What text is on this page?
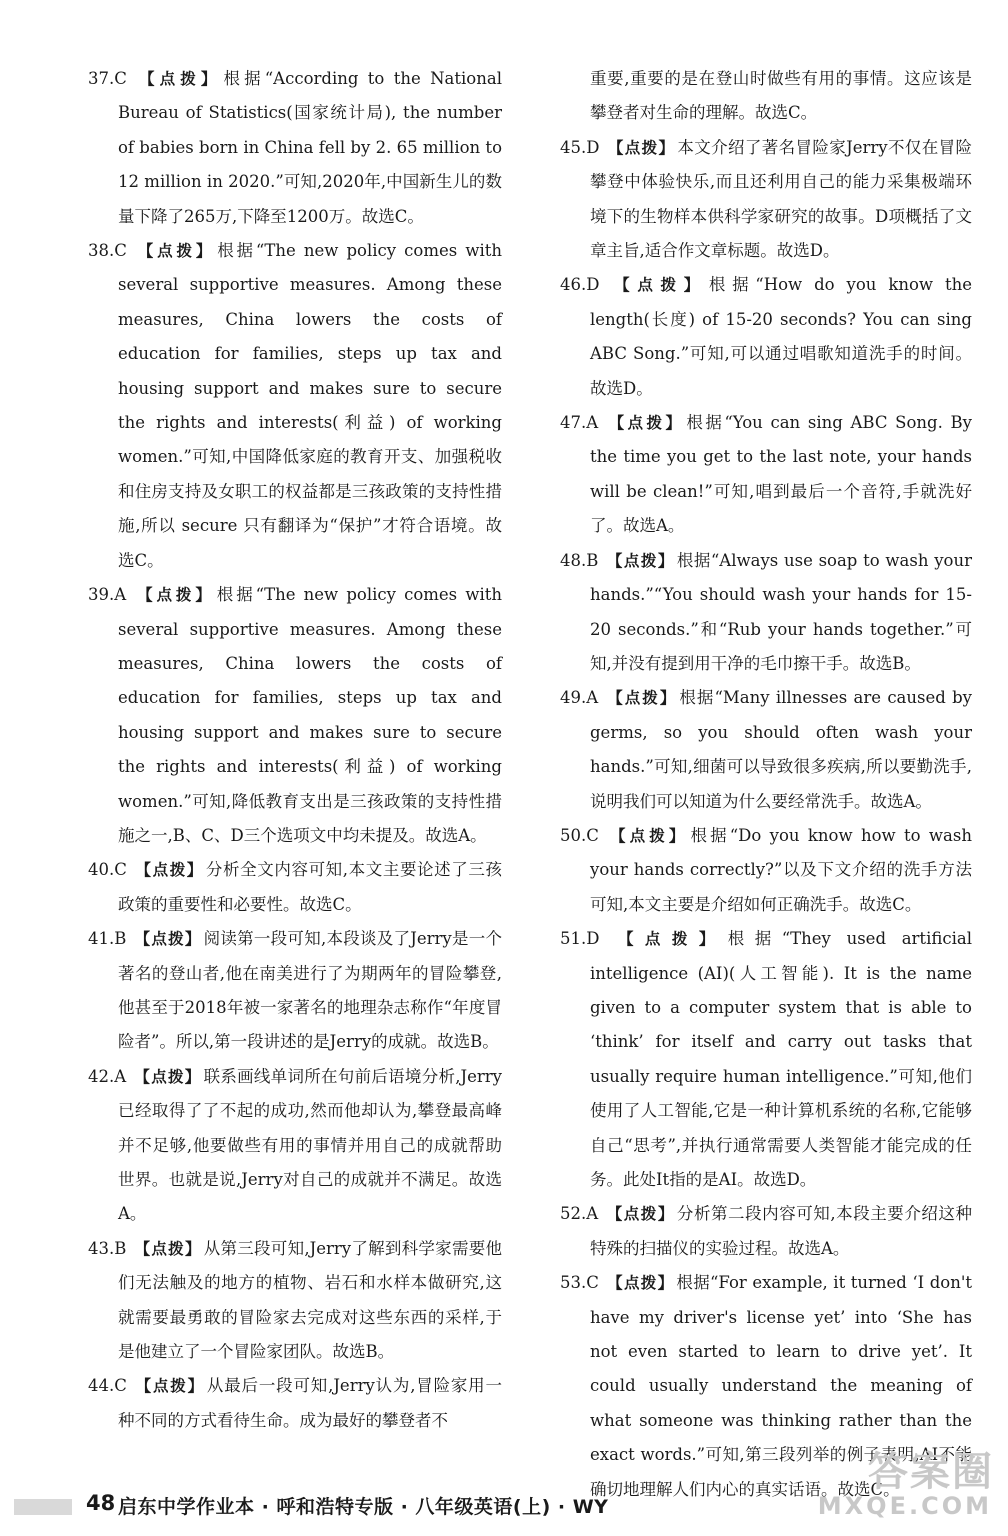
37.C 【点拨】 根据“According to the National Bureau of Statistics(国家统计局), the number of babies born in China fell by 2. 65 million to 12 million in 2020.”可知,2020年,中国新生儿的数量下降了265万,下降至1200万。故选C。

38.C 【点拨】 根据“The new policy comes with several supportive measures. Among these measures, China lowers the costs of education for families, steps up tax and housing support and makes sure to secure the rights and interests(利益) of working women.”可知,中国降低家庭的教育开支、加强税收和住房支持及女职工的权益都是三孩政策的支持性措施,所以 secure 只有翻译为“保护”才符合语境。故选C。

39.A 【点拨】 根据“The new policy comes with several supportive measures. Among these measures, China lowers the costs of education for families, steps up tax and housing support and makes sure to secure the rights and interests(利益) of working women.”可知,降低教育支出是三孩政策的支持性措施之一,B、C、D三个选项文中均未提及。故选A。

40.C 【点拨】 分析全文内容可知,本文主要论述了三孩政策的重要性和必要性。故选C。

41.B 【点拨】 阅读第一段可知,本段谈及了Jerry是一个著名的登山者,他在南美进行了为期两年的冒险攀登,他甚至于2018年被一家著名的地理杂志称作“年度冒险者”。所以,第一段讲述的是Jerry的成就。故选B。

42.A 【点拨】 联系画线单词所在句前后语境分析,Jerry已经取得了了不起的成功,然而他却认为,攀登最高峰并不足够,他要做些有用的事情并用自己的成就帮助世界。也就是说,Jerry对自己的成就并不满足。故选A。

43.B 【点拨】 从第三段可知,Jerry了解到科学家需要他们无法触及的地方的植物、岩石和水样本做研究,这就需要最勇敢的冒险家去完成对这些东西的采样,于是他建立了一个冒险家团队。故选B。

44.C 【点拨】 从最后一段可知,Jerry认为,冒险家用一种不同的方式看待生命。成为最好的攀登者不

重要,重要的是在登山时做些有用的事情。这应该是攀登者对生命的理解。故选C。

45.D 【点拨】 本文介绍了著名冒险家Jerry不仅在冒险攀登中体验快乐,而且还利用自己的能力采集极端环境下的生物样本供科学家研究的故事。D项概括了文章主旨,适合作文章标题。故选D。

46.D 【点拨】 根据“How do you know the length(长度) of 15-20 seconds? You can sing ABC Song.”可知,可以通过唱歌知道洗手的时间。故选D。

47.A 【点拨】 根据“You can sing ABC Song. By the time you get to the last note, your hands will be clean!”可知,唱到最后一个音符,手就洗好了。故选A。

48.B 【点拨】 根据“Always use soap to wash your hands.”“You should wash your hands for 15-20 seconds.”和“Rub your hands together.”可知,并没有提到用干净的毛巾擦干手。故选B。

49.A 【点拨】 根据“Many illnesses are caused by germs, so you should often wash your hands.”可知,细菌可以导致很多疾病,所以要勤洗手,说明我们可以知道为什么要经常洗手。故选A。

50.C 【点拨】 根据“Do you know how to wash your hands correctly?”以及下文介绍的洗手方法可知,本文主要是介绍如何正确洗手。故选C。

51.D 【点拨】 根据“They used artificial intelligence (AI)(人工智能). It is the name given to a computer system that is able to ‘think’ for itself and carry out tasks that usually require human intelligence.”可知,他们使用了人工智能,它是一种计算机系统的名称,它能够自己“思考”,并执行通常需要人类智能才能完成的任务。此处It指的是AI。故选D。

52.A 【点拨】 分析第二段内容可知,本段主要介绍这种特殊的扫描仪的实验过程。故选A。

53.C 【点拨】 根据“For example, it turned ‘I don't have my driver's license yet’ into ‘She has not even started to learn to drive yet’. It could usually understand the meaning of what someone was thinking rather than the exact words.”可知,第三段列举的例子表明,AI不能确切地理解人们内心的真实话语。故选C。

48 启东中学作业本 · 呼和浩特专版 · 八年级英语(上) · WY
答案圈
MXQE.COM
